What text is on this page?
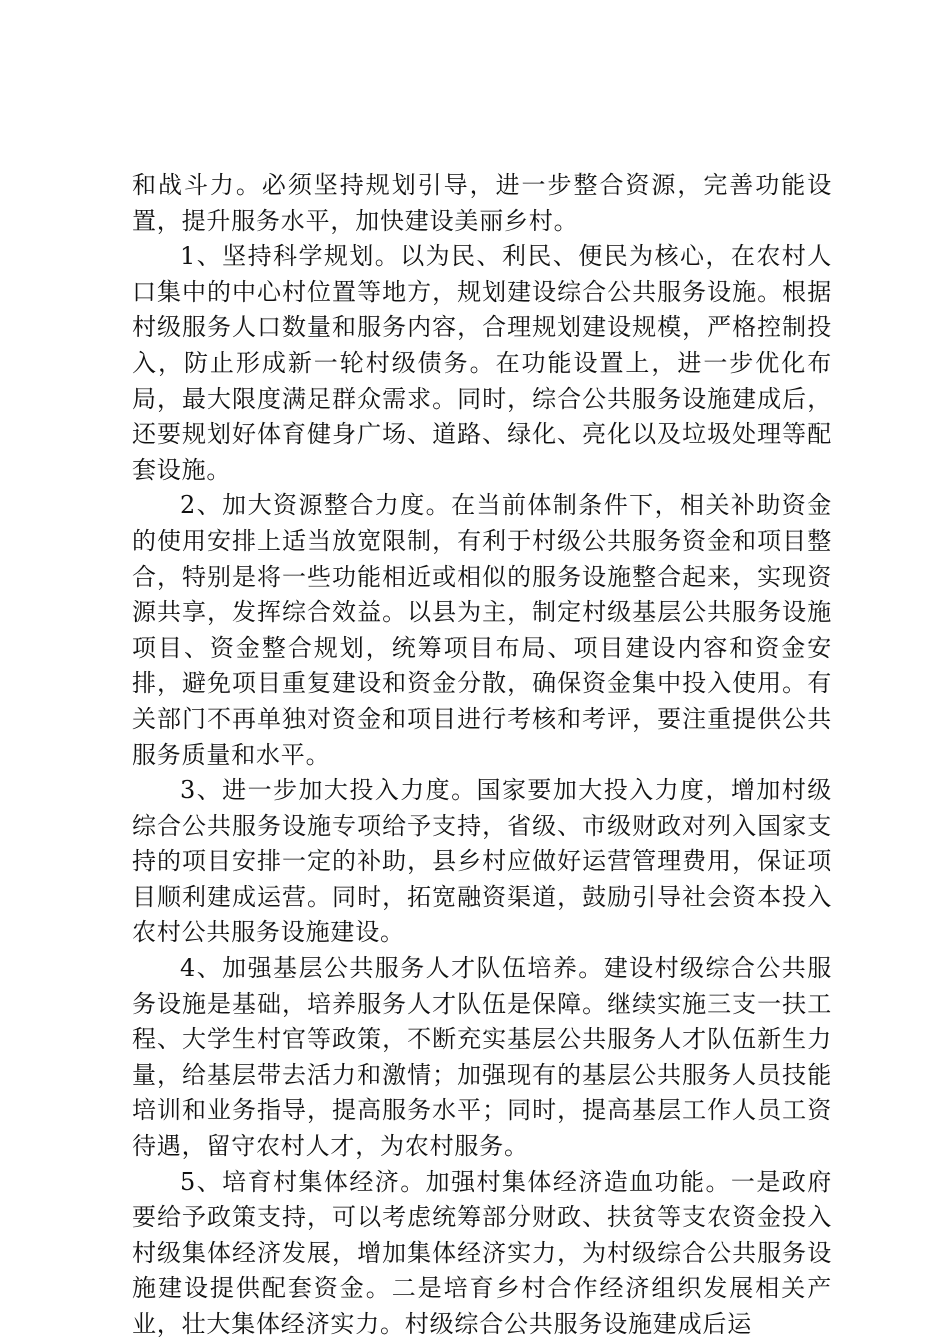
和战斗力。必须坚持规划引导，进一步整合资源，完善功能设置，提升服务水平，加快建设美丽乡村。

1、坚持科学规划。以为民、利民、便民为核心，在农村人口集中的中心村位置等地方，规划建设综合公共服务设施。根据村级服务人口数量和服务内容，合理规划建设规模，严格控制投入，防止形成新一轮村级债务。在功能设置上，进一步优化布局，最大限度满足群众需求。同时，综合公共服务设施建成后，还要规划好体育健身广场、道路、绿化、亮化以及垃圾处理等配套设施。

2、加大资源整合力度。在当前体制条件下，相关补助资金的使用安排上适当放宽限制，有利于村级公共服务资金和项目整合，特别是将一些功能相近或相似的服务设施整合起来，实现资源共享，发挥综合效益。以县为主，制定村级基层公共服务设施项目、资金整合规划，统筹项目布局、项目建设内容和资金安排，避免项目重复建设和资金分散，确保资金集中投入使用。有关部门不再单独对资金和项目进行考核和考评，要注重提供公共服务质量和水平。

3、进一步加大投入力度。国家要加大投入力度，增加村级综合公共服务设施专项给予支持，省级、市级财政对列入国家支持的项目安排一定的补助，县乡村应做好运营管理费用，保证项目顺利建成运营。同时，拓宽融资渠道，鼓励引导社会资本投入农村公共服务设施建设。

4、加强基层公共服务人才队伍培养。建设村级综合公共服务设施是基础，培养服务人才队伍是保障。继续实施三支一扶工程、大学生村官等政策，不断充实基层公共服务人才队伍新生力量，给基层带去活力和激情；加强现有的基层公共服务人员技能培训和业务指导，提高服务水平；同时，提高基层工作人员工资待遇，留守农村人才，为农村服务。

5、培育村集体经济。加强村集体经济造血功能。一是政府要给予政策支持，可以考虑统筹部分财政、扶贫等支农资金投入村级集体经济发展，增加集体经济实力，为村级综合公共服务设施建设提供配套资金。二是培育乡村合作经济组织发展相关产业，壮大集体经济实力。村级综合公共服务设施建成后运
